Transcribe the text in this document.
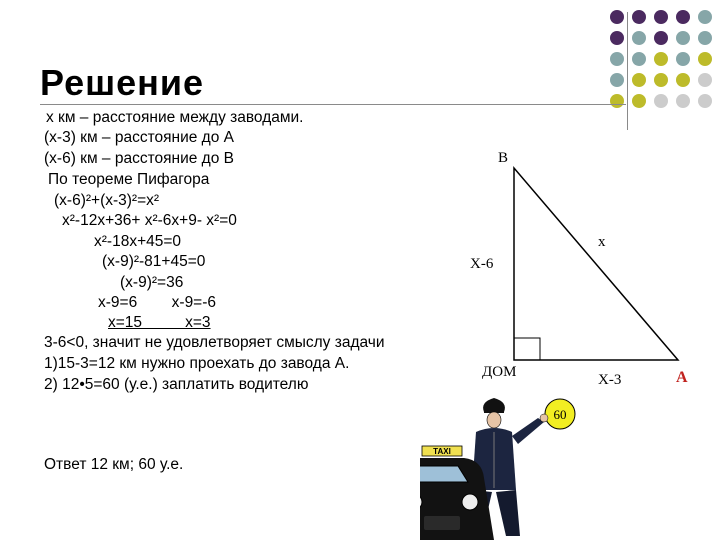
Решение
x км – расстояние между заводами.
(x-3) км – расстояние до А
(x-6) км – расстояние до В
По теореме Пифагора
(x-6)²+(x-3)²=x²
x²-12x+36+ x²-6x+9- x²=0
x²-18x+45=0
(x-9)²-81+45=0
(x-9)²=36
x-9=6        x-9=-6
x=15          x=3
3-6<0, значит не удовлетворяет смыслу задачи
1)15-3=12 км нужно проехать до завода А.
2) 12•5=60 (у.е.) заплатить водителю
Ответ 12 км; 60 у.е.
B
x
X-6
ДОМ	X-3	A
60
TAXI
